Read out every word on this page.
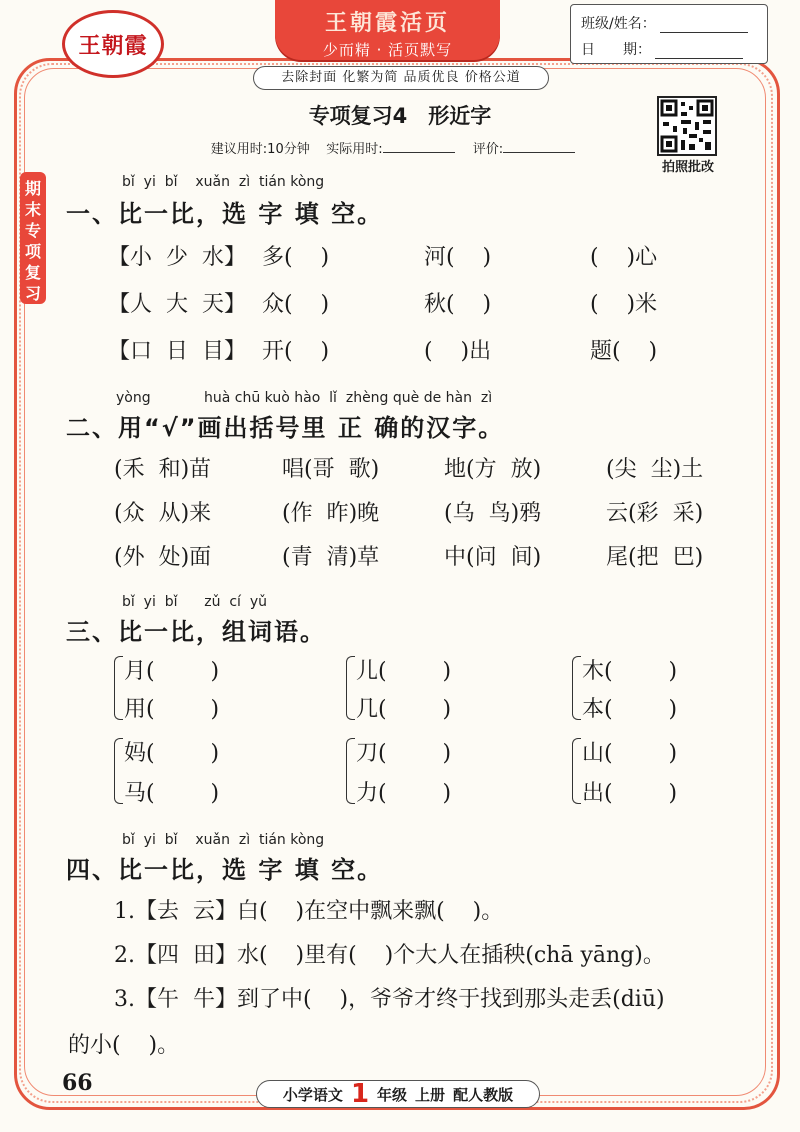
王朝霞
王朝霞活页
少而精 · 活页默写
班级/姓名：
日　　期：
去除封面 化繁为简 品质优良 价格公道
期末专项复习
拍照批改
专项复习4　形近字
建议用时:10分钟 实际用时:	评价:
bǐ  yi  bǐ    xuǎn  zì  tián kòng
一、比一比，选 字 填 空。
【小  少  水】 多(    )	河(    )	(    )心
【人  大  天】 众(    )	秋(    )	(    )米
【口  日  目】 开(    )	(    )出	题(    )
yòng            huà chū kuò hào  lǐ  zhèng què de hàn  zì
二、用“√”画出括号里 正 确的汉字。
(禾  和)苗	唱(哥  歌)	地(方  放)	(尖  尘)土
(众  从)来	(作  昨)晚	(乌  鸟)鸦	云(彩  采)
(外  处)面	(青  清)草	中(问  间)	尾(把  巴)
bǐ  yi  bǐ      zǔ  cí  yǔ
三、比一比，组词语。
月(        )
用(        )
儿(        )
几(        )
木(        )
本(        )
妈(        )
马(        )
刀(        )
力(        )
山(        )
出(        )
bǐ  yi  bǐ    xuǎn  zì  tián kòng
四、比一比，选 字 填 空。
1.【去  云】白(    )在空中飘来飘(    )。
2.【四  田】水(    )里有(    )个大人在插秧(chā yāng)。
3.【午  牛】到了中(    )，爷爷才终于找到那头走丢(diū)
的小(    )。
66	小学语文 1 年级 上册 配人教版
